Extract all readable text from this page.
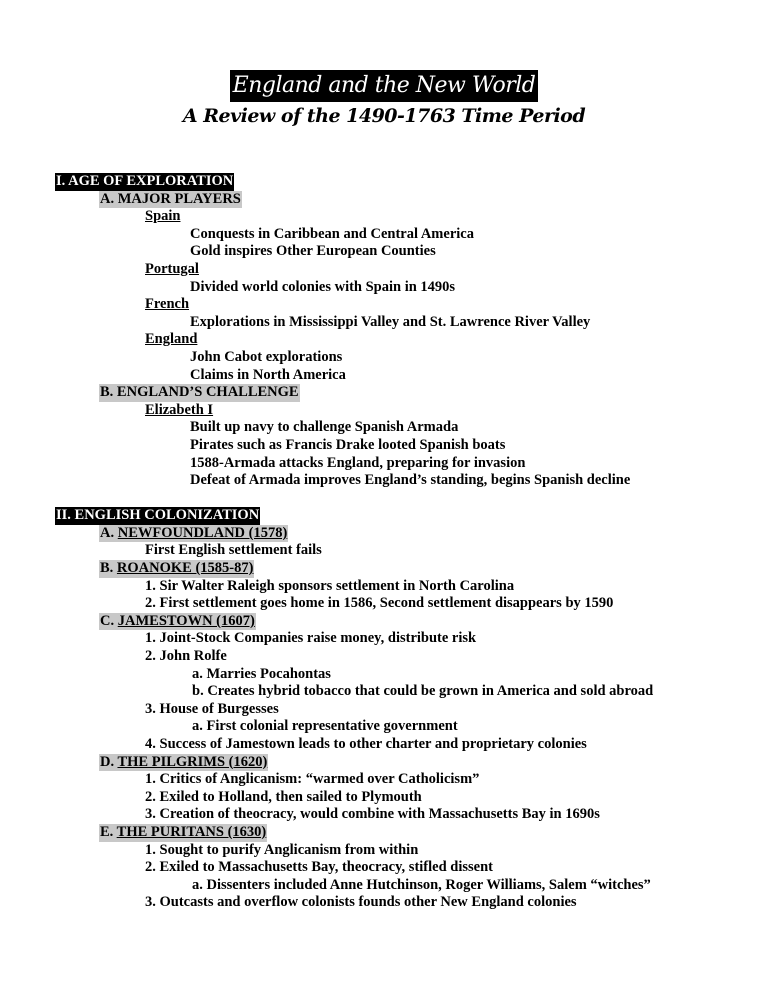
England and the New World
A Review of the 1490-1763 Time Period
I. AGE OF EXPLORATION
A. MAJOR PLAYERS
Spain
Conquests in Caribbean and Central America
Gold inspires Other European Counties
Portugal
Divided world colonies with Spain in 1490s
French
Explorations in Mississippi Valley and St. Lawrence River Valley
England
John Cabot explorations
Claims in North America
B. ENGLAND’S CHALLENGE
Elizabeth I
Built up navy to challenge Spanish Armada
Pirates such as Francis Drake looted Spanish boats
1588-Armada attacks England, preparing for invasion
Defeat of Armada improves England’s standing, begins Spanish decline
II. ENGLISH COLONIZATION
A. NEWFOUNDLAND (1578)
First English settlement fails
B. ROANOKE (1585-87)
1. Sir Walter Raleigh sponsors settlement in North Carolina
2. First settlement goes home in 1586, Second settlement disappears by 1590
C. JAMESTOWN (1607)
1. Joint-Stock Companies raise money, distribute risk
2. John Rolfe
a. Marries Pocahontas
b. Creates hybrid tobacco that could be grown in America and sold abroad
3. House of Burgesses
a. First colonial representative government
4. Success of Jamestown leads to other charter and proprietary colonies
D. THE PILGRIMS (1620)
1. Critics of Anglicanism: “warmed over Catholicism”
2. Exiled to Holland, then sailed to Plymouth
3. Creation of theocracy, would combine with Massachusetts Bay in 1690s
E. THE PURITANS (1630)
1. Sought to purify Anglicanism from within
2. Exiled to Massachusetts Bay, theocracy, stifled dissent
a. Dissenters included Anne Hutchinson, Roger Williams, Salem “witches”
3. Outcasts and overflow colonists founds other New England colonies
